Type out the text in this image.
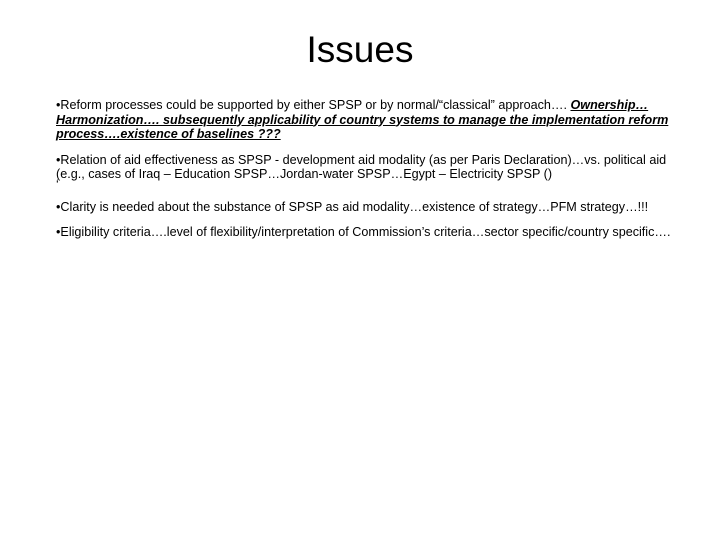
Issues
•Reform processes could be supported by either SPSP or by normal/“classical” approach…. Ownership…Harmonization…. subsequently applicability of country systems to manage the implementation reform process….existence of baselines ???
•Relation of aid effectiveness as SPSP - development aid modality (as per Paris Declaration)…vs. political aid (e.g., cases of Iraq – Education SPSP…Jordan-water SPSP…Egypt – Electricity SPSP ()
ʻ
•Clarity is needed about the substance of SPSP as aid modality…existence of strategy…PFM strategy…!!!
•Eligibility criteria….level of flexibility/interpretation of Commission’s criteria…sector specific/country specific….
